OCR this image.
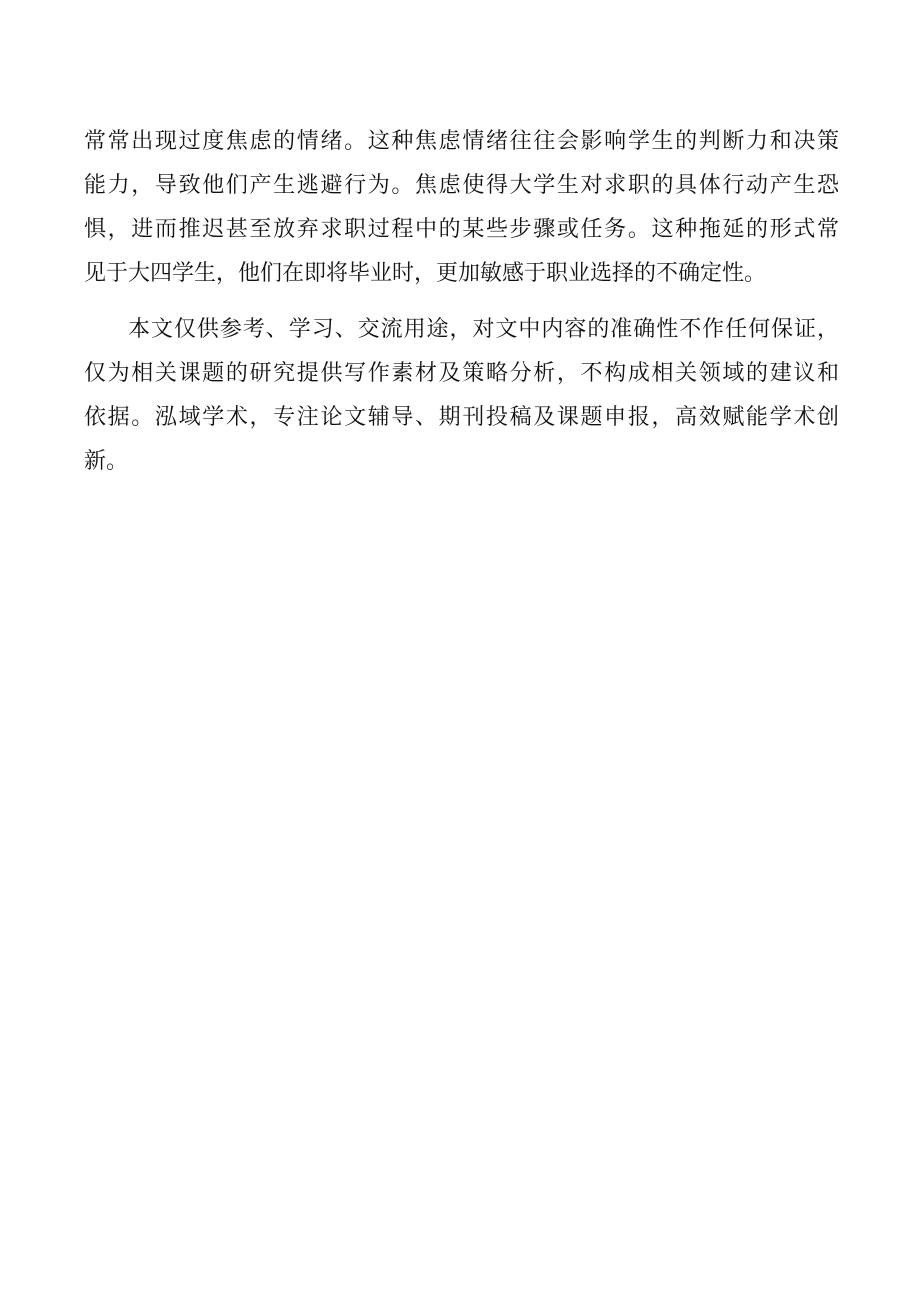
常常出现过度焦虑的情绪。这种焦虑情绪往往会影响学生的判断力和决策
能力，导致他们产生逃避行为。焦虑使得大学生对求职的具体行动产生恐
惧，进而推迟甚至放弃求职过程中的某些步骤或任务。这种拖延的形式常
见于大四学生，他们在即将毕业时，更加敏感于职业选择的不确定性。
本文仅供参考、学习、交流用途，对文中内容的准确性不作任何保证，
仅为相关课题的研究提供写作素材及策略分析，不构成相关领域的建议和
依据。泓域学术，专注论文辅导、期刊投稿及课题申报，高效赋能学术创
新。
